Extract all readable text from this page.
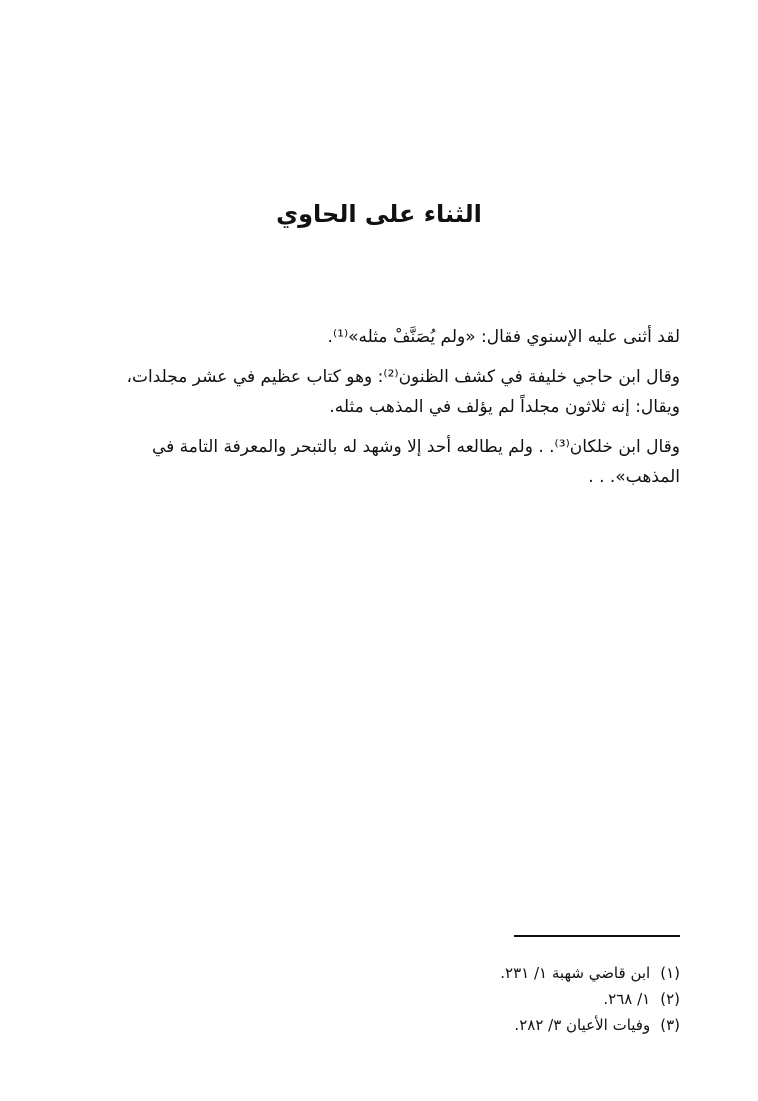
الثناء على الحاوي

لقد أثنى عليه الإسنوي فقال: «ولم يُصَنَّفْ مثله»⁽¹⁾.

وقال ابن حاجي خليفة في كشف الظنون⁽²⁾: وهو كتاب عظيم في عشر مجلدات،
ويقال: إنه ثلاثون مجلداً لم يؤلف في المذهب مثله.

وقال ابن خلكان⁽³⁾. . ولم يطالعه أحد إلا وشهد له بالتبحر والمعرفة التامة في
المذهب». . .

(١)ابن قاضي شهبة ١/ ٢٣١.
(٢)١/ ٢٦٨.
(٣)وفيات الأعيان ٣/ ٢٨٢.
